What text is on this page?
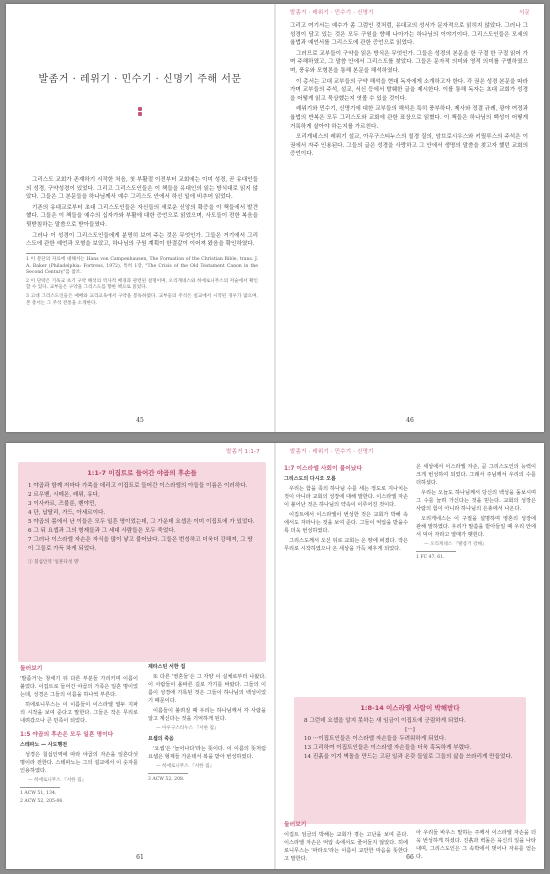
발좀거 · 레위기 · 민수기 · 신명기 주해 서문

그리스도 교회가 존재하기 시작한 처음, 첫 부활절 이전부터 교회에는 이미 성경, 곧 유대인들의 성경, 구약성경이 있었다. 그리고 그리스도인들은 이 책들을 유대인의 읽는 방식대로 읽지 않았다. 그들은 그 본문들을 하나님께서 예수 그리스도 안에서 하신 일에 비추어 읽었다.

기존의 유대교로부터 초대 그리스도인들은 자신들의 새로운 신앙의 확증을 이 책들에서 발견했다. 그들은 이 책들을 예수의 십자가와 부활에 대한 증언으로 읽었으며, 사도들이 전한 복음을 뒷받침하는 말씀으로 받아들였다.

그러나 이 성경이 그리스도인들에게 분명히 보여 주는 것은 무엇인가. 그들은 거기에서 그리스도에 관한 예언과 모형을 보았고, 하나님의 구원 계획이 한결같이 이어져 왔음을 확인하였다.

1 이 문단의 자료에 대해서는 Hans von Campenhausen, The Formation of the Christian Bible, trans. J. A. Baker (Philadelphia: Fortress, 1972), 특히 1장, "The Crisis of the Old Testament Canon in the Second Century"를 참조.

2 이 단락은 기독교 초기 구약 해석의 역사적 배경과 관련된 설명이며, 오리게네스와 히에로니무스의 저술에서 확인할 수 있다. 교부들은 구약을 그리스도를 향한 책으로 읽었다.

3 고대 그리스도인들은 예배와 교리교육에서 구약을 봉독하였다. 교부들의 주석은 설교에서 시작된 경우가 많으며, 본 총서는 그 주석 전통을 소개한다.

45
발좀거 · 레위기 · 민수기 · 신명기	서문

그리고 여기서는 예수가 좀 그럼인 것처럼, 유대교의 성서가 문자적으로 읽히지 않았다. 그러나 그 성경이 담고 있는 것은 모두 구원을 향해 나아가는 하나님의 이야기이다. 그리스도인들은 모세의 율법과 예언서를 그리스도에 관한 증언으로 읽었다.

그러므로 교부들이 구약을 읽은 방식은 무엇인가. 그들은 성경의 본문을 한 구절 한 구절 읽어 가며 주해하였고, 그 말씀 안에서 그리스도를 찾았다. 그들은 문자적 의미와 영적 의미를 구별하였으며, 풍유와 모형론을 통해 본문을 해석하였다.

이 총서는 고대 교부들의 구약 해석을 현대 독자에게 소개하고자 한다. 각 권은 성경 본문을 따라가며 교부들의 주석, 설교, 서신 등에서 발췌한 글을 제시한다. 이를 통해 독자는 초대 교회가 성경을 어떻게 읽고 묵상했는지 엿볼 수 있을 것이다.

레위기와 민수기, 신명기에 대한 교부들의 해석은 특히 풍부하다. 제사와 정결 규례, 광야 여정과 율법의 반복은 모두 그리스도와 교회에 관한 표상으로 읽혔다. 이 책들은 하나님의 백성이 어떻게 거룩하게 살아야 하는지를 가르친다.

오리게네스의 레위기 설교, 아우구스티누스의 칠경 질의, 암브로시우스와 키릴루스의 주석은 이 권에서 자주 인용된다. 그들의 글은 성경을 사랑하고 그 안에서 생명의 말씀을 찾고자 했던 교회의 증언이다.

46
발좀거 1:1-7
1:1-7 이집트로 들어간 야곱의 후손들
1 야곱과 함께 저마다 가족을 데리고 이집트로 들어간 이스라엘의 아들들 이름은 이러하다.
2 르우벤, 시메온, 레위, 유다,
3 이사카르, 즈불룬, 벤야민,
4 단, 납탈리, 가드, 아세르이다.
5 야곱의 몸에서 난 이들은 모두 일흔 명이었는데, 그 가운데 요셉은 이미 이집트에 가 있었다.
6 그 뒤 요셉과 그의 형제들과 그 세대 사람들은 모두 죽었다.
7 그러나 이스라엘 자손은 자식을 많이 낳고 불어났다. 그들은 번성하고 더욱더 강해져, 그 땅이 그들로 가득 차게 되었다.
① 칠십인역 '일흔다섯 명'
둘러보기

'발좀거'는 창세기 뒤 다른 부분들 가리키며 이름이 붙었다. 이집트로 들어간 야곱의 가족은 일흔 명이었는데, 성경은 그들의 이름을 하나씩 부른다.

히에로니무스는 이 이름들이 이스라엘 열두 지파의 시작을 보여 준다고 말한다. 그들은 작은 무리로 내려갔으나 큰 민족이 되었다.

1:5 야곱의 후손은 모두 일흔 명이다
스테파노 — 사도행전

성경은 칠십인역에 따라 야곱의 자손을 일흔다섯 명이라 전한다. 스테파노는 그의 설교에서 이 숫자를 인용하였다.

— 히에로니무스 『서한 집』
1 ACW 51, 134.
2 ACW 52, 205-06.
제타스틴 서한 집

또 다른 '영혼들'은 그 자양 이 실체로부터 나왔다. 이 사람들이 올바른 길로 가기를 바랐다. 그들의 이름이 성경에 기록된 것은 그들이 하나님의 백성이었기 때문이다.

이름들이 불려질 때 우리는 하나님께서 각 사람을 알고 계신다는 것을 기억하게 된다.

— 아우구스티누스 『서한 집』
요셉의 죽음

'요셉'은 '늘어나다'라는 뜻이다. 이 이름의 뜻처럼 요셉은 형제들 가운데서 복을 받아 번성하였다.

— 히에로니무스 『서한 집』
3 ACW 52, 208.
61
발좀거 · 레위기 · 민수기 · 신명기
1:7 이스라엘 사회이 불어났다
그리스도의 다시오 오름

우리는 함을 족의 하나님 수를 세는 정도로 지나치는 것이 아니라 교회의 성장에 대해 말한다. 이스라엘 자손이 불어난 것은 하나님의 약속이 이루어진 것이다.

이집트에서 이스라엘이 번성한 것은 교회가 박해 속에서도 자라나는 것을 보여 준다. 그들이 억압을 받을수록 더욱 번성하였다.

그리스도께서 오신 뒤로 교회는 온 땅에 퍼졌다. 작은 무리로 시작하였으나 온 세상을 가득 채우게 되었다.

온 세상에서 이스라엘 자손, 곧 그리스도인의 능력이 크게 번성하여 되었다. 그래서 주님께서 우리의 수를 더하셨다.

우리는 오늘도 하나님께서 당신의 백성을 돌보시며 그 수를 늘려 가신다는 것을 믿는다. 교회의 성장은 사람의 힘이 아니라 하나님의 은총에서 나온다.

오리게네스는 이 구절을 설명하며 영혼의 성장에 관해 말하였다. 우리가 말씀을 받아들일 때 우리 안에서 덕이 자라고 열매가 맺힌다.

— 오리게네스 『발좀거 강해』
1 FC 47, 61.
1:8-14 이스라엘 사람이 박해받다
8 그런데 요셉을 알지 못하는 새 임금이 이집트에 군림하게 되었다.
[···]
10 ···이집트인들은 이스라엘 자손들을 두려워하게 되었다.
13 그리하여 이집트인들은 이스라엘 자손들을 더욱 혹독하게 부렸다.
14 진흙을 이겨 벽돌을 만드는 고된 일과 온갖 들일로 그들의 삶을 쓰라리게 만들었다.
둘러보기

이집트 임금의 박해는 교회가 겪는 고난을 보여 준다. 이스라엘 자손은 억압 속에서도 줄어들지 않았다. 히에로니무스는 '파라오'라는 이름이 교만한 마음을 뜻한다고 말한다.

아 우리들 바우스 말하는 주께서 이스라엘 자손을 더욱 번성하게 하셨다. 진흙과 벽돌은 육신의 일을 나타내며, 그리스도인은 그 속박에서 벗어나 자유를 얻는다.

66
